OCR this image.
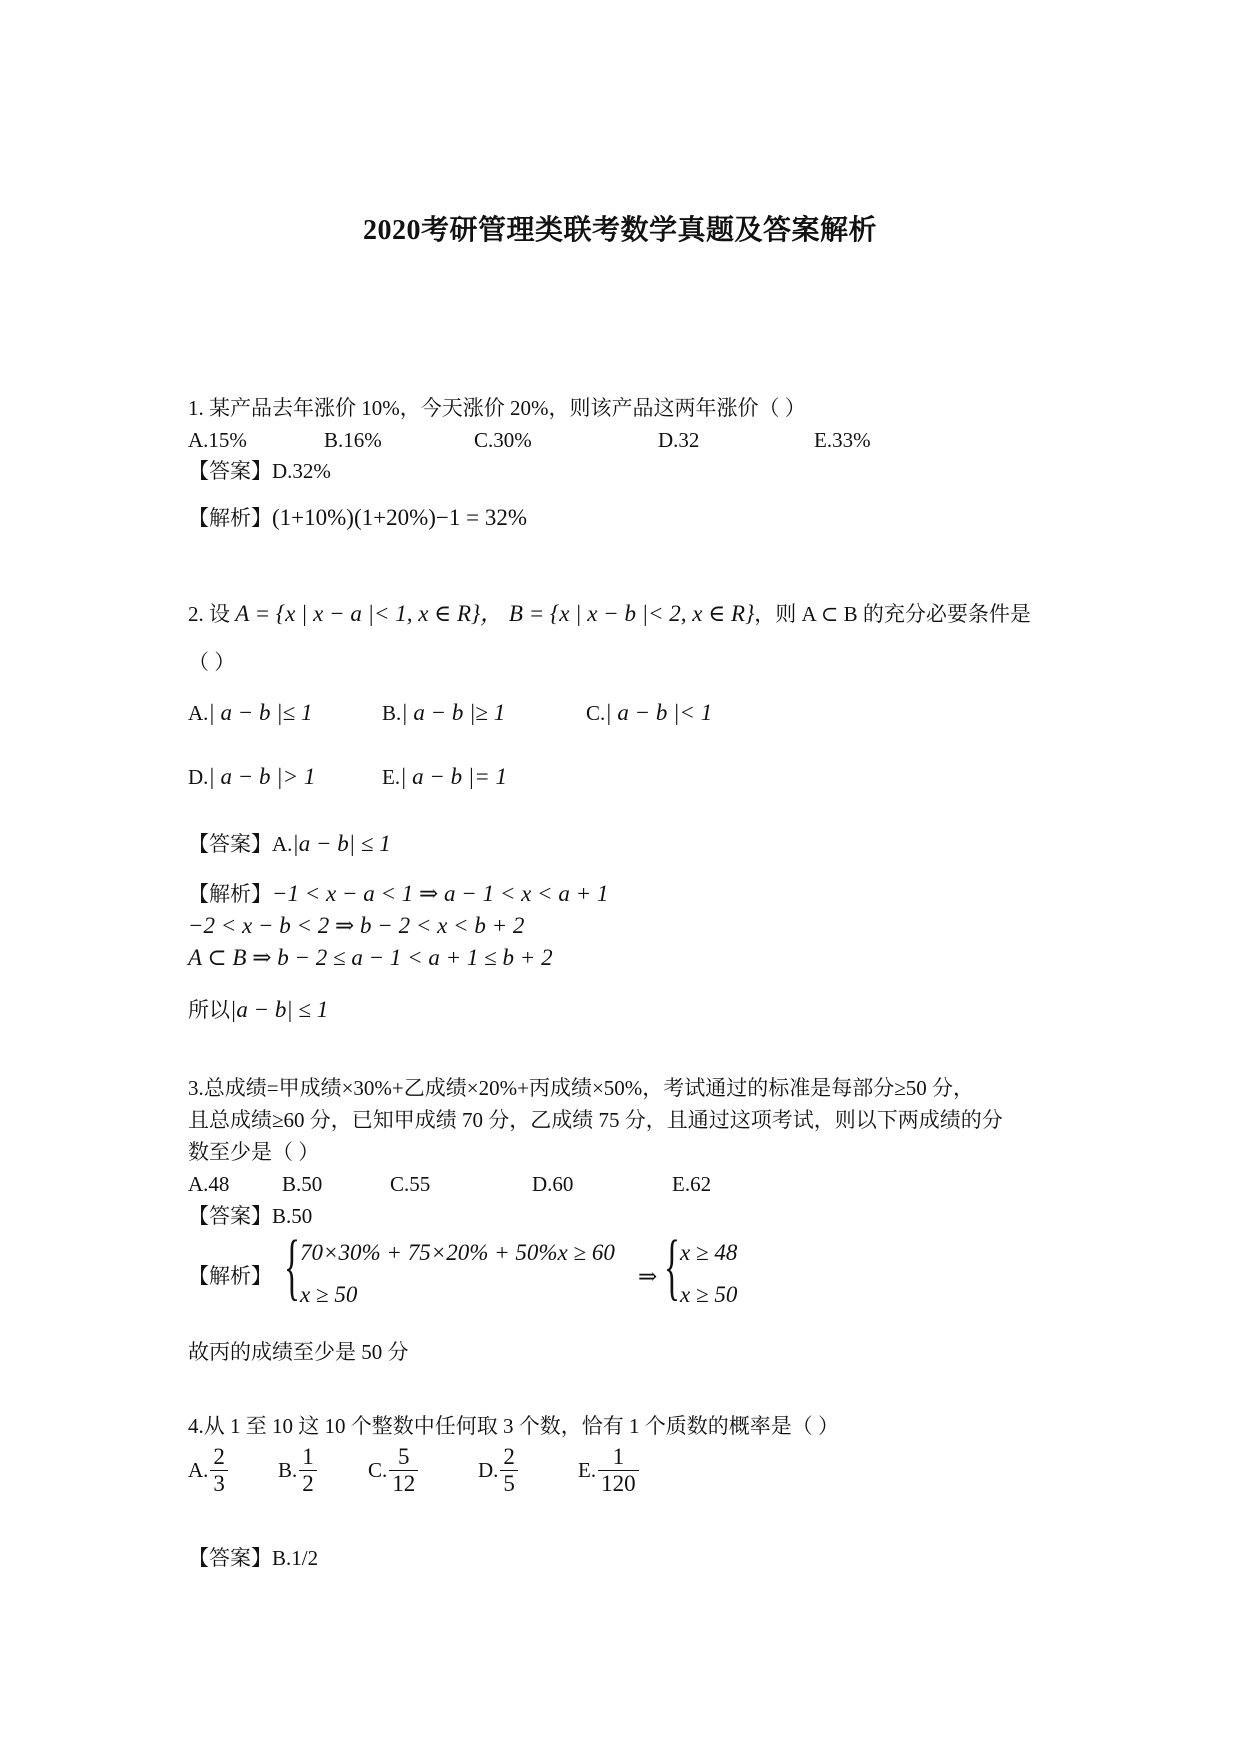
2020考研管理类联考数学真题及答案解析
1. 某产品去年涨价 10%，今天涨价 20%，则该产品这两年涨价（ ）
A.15%	B.16%	C.30%	D.32	E.33%
【答案】D.32%
【解析】(1+10%)(1+20%)−1 = 32%
2. 设 A = {x | x − a |< 1, x ∈ R}， B = {x | x − b |< 2, x ∈ R}，则 A ⊂ B 的充分必要条件是
（ ）
A.| a − b |≤ 1	B.| a − b |≥ 1	C.| a − b |< 1
D.| a − b |> 1	E.| a − b |= 1
【答案】A.|a − b| ≤ 1
【解析】−1 < x − a < 1 ⇒ a − 1 < x < a + 1
−2 < x − b < 2 ⇒ b − 2 < x < b + 2
A ⊂ B ⇒ b − 2 ≤ a − 1 < a + 1 ≤ b + 2
所以|a − b| ≤ 1
3.总成绩=甲成绩×30%+乙成绩×20%+丙成绩×50%，考试通过的标准是每部分≥50 分，
且总成绩≥60 分，已知甲成绩 70 分，乙成绩 75 分，且通过这项考试，则以下两成绩的分
数至少是（ ）
A.48	B.50	C.55	D.60	E.62
【答案】B.50
【解析】 { 70×30% + 75×20% + 50%x ≥ 60
x ≥ 50
⇒ { x ≥ 48
x ≥ 50
故丙的成绩至少是 50 分
4.从 1 至 10 这 10 个整数中任何取 3 个数，恰有 1 个质数的概率是（ ）
A. $\frac{2}{3} B$. $\frac{1}{2} C$. $\frac{5}{12}$	D. $\frac{2}{5}$	E. $\frac{1}{120}$
【答案】B.1/2
